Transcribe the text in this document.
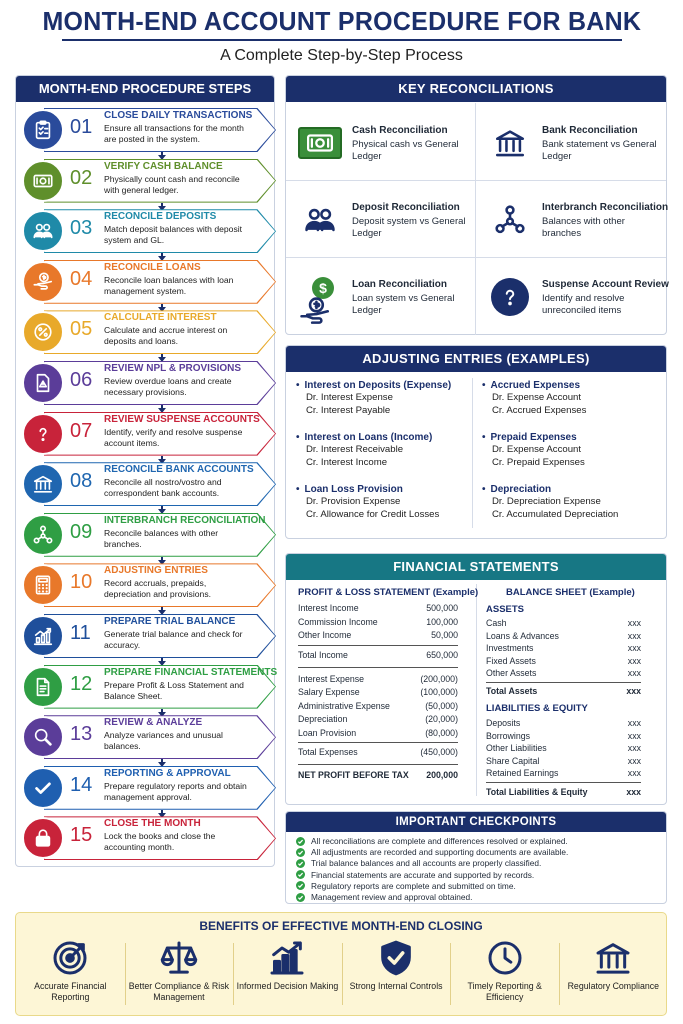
MONTH-END ACCOUNT PROCEDURE FOR BANK
A Complete Step-by-Step Process
MONTH-END PROCEDURE STEPS
01
CLOSE DAILY TRANSACTIONS
Ensure all transactions for the month are posted in the system.
02
VERIFY CASH BALANCE
Physically count cash and reconcile with general ledger.
03
RECONCILE DEPOSITS
Match deposit balances with deposit system and GL.
04
RECONCILE LOANS
Reconcile loan balances with loan management system.
05
CALCULATE INTEREST
Calculate and accrue interest on deposits and loans.
06
REVIEW NPL & PROVISIONS
Review overdue loans and create necessary provisions.
07
REVIEW SUSPENSE ACCOUNTS
Identify, verify and resolve suspense account items.
08
RECONCILE BANK ACCOUNTS
Reconcile all nostro/vostro and correspondent bank accounts.
09
INTERBRANCH RECONCILIATION
Reconcile balances with other branches.
10
ADJUSTING ENTRIES
Record accruals, prepaids, depreciation and provisions.
11
PREPARE TRIAL BALANCE
Generate trial balance and check for accuracy.
12
PREPARE FINANCIAL STATEMENTS
Prepare Profit & Loss Statement and Balance Sheet.
13
REVIEW & ANALYZE
Analyze variances and unusual balances.
14
REPORTING & APPROVAL
Prepare regulatory reports and obtain management approval.
15
CLOSE THE MONTH
Lock the books and close the accounting month.
KEY RECONCILIATIONS
Cash Reconciliation
Physical cash vs General Ledger
Bank Reconciliation
Bank statement vs General Ledger
Deposit Reconciliation
Deposit system vs General Ledger
Interbranch Reconciliation
Balances with other branches
$	Loan Reconciliation
Loan system vs General Ledger
Suspense Account Review
Identify and resolve unreconciled items
ADJUSTING ENTRIES (EXAMPLES)
• Interest on Deposits (Expense)
Dr. Interest Expense
Cr. Interest Payable
• Accrued Expenses
Dr. Expense Account
Cr. Accrued Expenses
• Interest on Loans (Income)
Dr. Interest Receivable
Cr. Interest Income
• Prepaid Expenses
Dr. Expense Account
Cr. Prepaid Expenses
• Loan Loss Provision
Dr. Provision Expense
Cr. Allowance for Credit Losses
• Depreciation
Dr. Depreciation Expense
Cr. Accumulated Depreciation
FINANCIAL STATEMENTS
PROFIT & LOSS STATEMENT (Example)
Interest Income	500,000
Commission Income	100,000
Other Income	50,000
Total Income	650,000
Interest Expense	(200,000)
Salary Expense	(100,000)
Administrative Expense	(50,000)
Depreciation	(20,000)
Loan Provision	(80,000)
Total Expenses	(450,000)
NET PROFIT BEFORE TAX 200,000
BALANCE SHEET (Example)
ASSETS
Cash	xxx
Loans & Advances	xxx
Investments	xxx
Fixed Assets	xxx
Other Assets	xxx
Total Assets	xxx
LIABILITIES & EQUITY
Deposits	xxx
Borrowings	xxx
Other Liabilities	xxx
Share Capital	xxx
Retained Earnings	xxx
Total Liabilities & Equity	xxx
IMPORTANT CHECKPOINTS
All reconciliations are complete and differences resolved or explained.
All adjustments are recorded and supporting documents are available.
Trial balance balances and all accounts are properly classified.
Financial statements are accurate and supported by records.
Regulatory reports are complete and submitted on time.
Management review and approval obtained.
BENEFITS OF EFFECTIVE MONTH-END CLOSING
Accurate Financial Reporting
Better Compliance & Risk Management
Informed Decision Making	Strong Internal Controls	Timely Reporting & Efficiency
Regulatory Compliance
